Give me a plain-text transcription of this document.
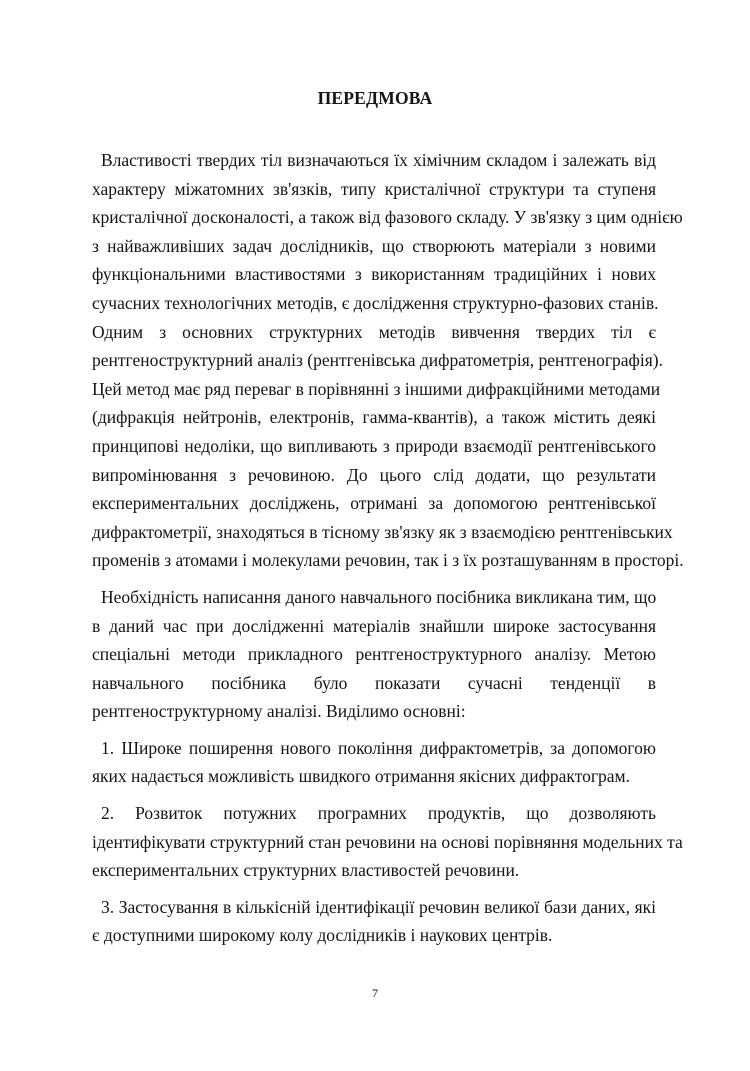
ПЕРЕДМОВА
Властивості твердих тіл визначаються їх хімічним складом і залежать від
характеру міжатомних зв'язків, типу кристалічної структури та ступеня
кристалічної досконалості, а також від фазового складу. У зв'язку з цим однією
з найважливіших задач дослідників, що створюють матеріали з новими
функціональними властивостями з використанням традиційних і нових
сучасних технологічних методів, є дослідження структурно-фазових станів.
Одним з основних структурних методів вивчення твердих тіл є
рентгеноструктурний аналіз (рентгенівська дифратометрія, рентгенографія).
Цей метод має ряд переваг в порівнянні з іншими дифракційними методами
(дифракція нейтронів, електронів, гамма-квантів), а також містить деякі
принципові недоліки, що випливають з природи взаємодії рентгенівського
випромінювання з речовиною. До цього слід додати, що результати
експериментальних досліджень, отримані за допомогою рентгенівської
дифрактометрії, знаходяться в тісному зв'язку як з взаємодією рентгенівських
променів з атомами і молекулами речовин, так і з їх розташуванням в просторі.
Необхідність написання даного навчального посібника викликана тим, що
в даний час при дослідженні матеріалів знайшли широке застосування
спеціальні методи прикладного рентгеноструктурного аналізу. Метою
навчального посібника було показати сучасні тенденції в
рентгеноструктурному аналізі. Виділимо основні:
1. Широке поширення нового покоління дифрактометрів, за допомогою
яких надається можливість швидкого отримання якісних дифрактограм.
2. Розвиток потужних програмних продуктів, що дозволяють
ідентифікувати структурний стан речовини на основі порівняння модельних та
експериментальних структурних властивостей речовини.
3. Застосування в кількісній ідентифікації речовин великої бази даних, які
є доступними широкому колу дослідників і наукових центрів.
7
